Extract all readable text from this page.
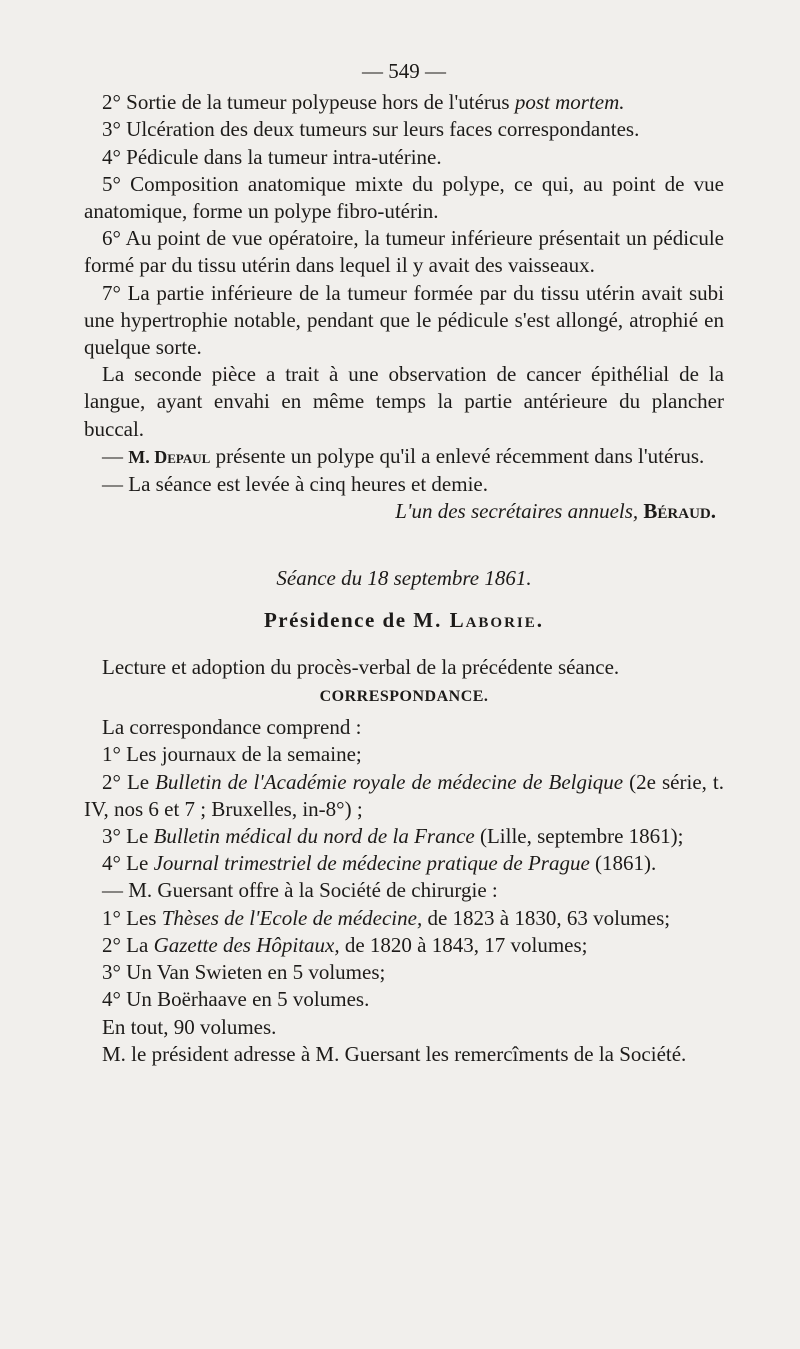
— 549 —

2° Sortie de la tumeur polypeuse hors de l'utérus post mortem.

3° Ulcération des deux tumeurs sur leurs faces correspondantes.

4° Pédicule dans la tumeur intra-utérine.

5° Composition anatomique mixte du polype, ce qui, au point de vue anatomique, forme un polype fibro-utérin.

6° Au point de vue opératoire, la tumeur inférieure présentait un pédicule formé par du tissu utérin dans lequel il y avait des vaisseaux.

7° La partie inférieure de la tumeur formée par du tissu utérin avait subi une hypertrophie notable, pendant que le pédicule s'est allongé, atrophié en quelque sorte.

La seconde pièce a trait à une observation de cancer épithélial de la langue, ayant envahi en même temps la partie antérieure du plancher buccal.

— M. Depaul présente un polype qu'il a enlevé récemment dans l'utérus.

— La séance est levée à cinq heures et demie.

L'un des secrétaires annuels, Béraud.

Séance du 18 septembre 1861.

Présidence de M. Laborie.

Lecture et adoption du procès-verbal de la précédente séance.

CORRESPONDANCE.

La correspondance comprend :

1° Les journaux de la semaine;

2° Le Bulletin de l'Académie royale de médecine de Belgique (2e série, t. IV, nos 6 et 7 ; Bruxelles, in-8°) ;

3° Le Bulletin médical du nord de la France (Lille, septembre 1861);

4° Le Journal trimestriel de médecine pratique de Prague (1861).

— M. Guersant offre à la Société de chirurgie :

1° Les Thèses de l'Ecole de médecine, de 1823 à 1830, 63 volumes;

2° La Gazette des Hôpitaux, de 1820 à 1843, 17 volumes;

3° Un Van Swieten en 5 volumes;

4° Un Boërhaave en 5 volumes.

En tout, 90 volumes.

M. le président adresse à M. Guersant les remercîments de la Société.
